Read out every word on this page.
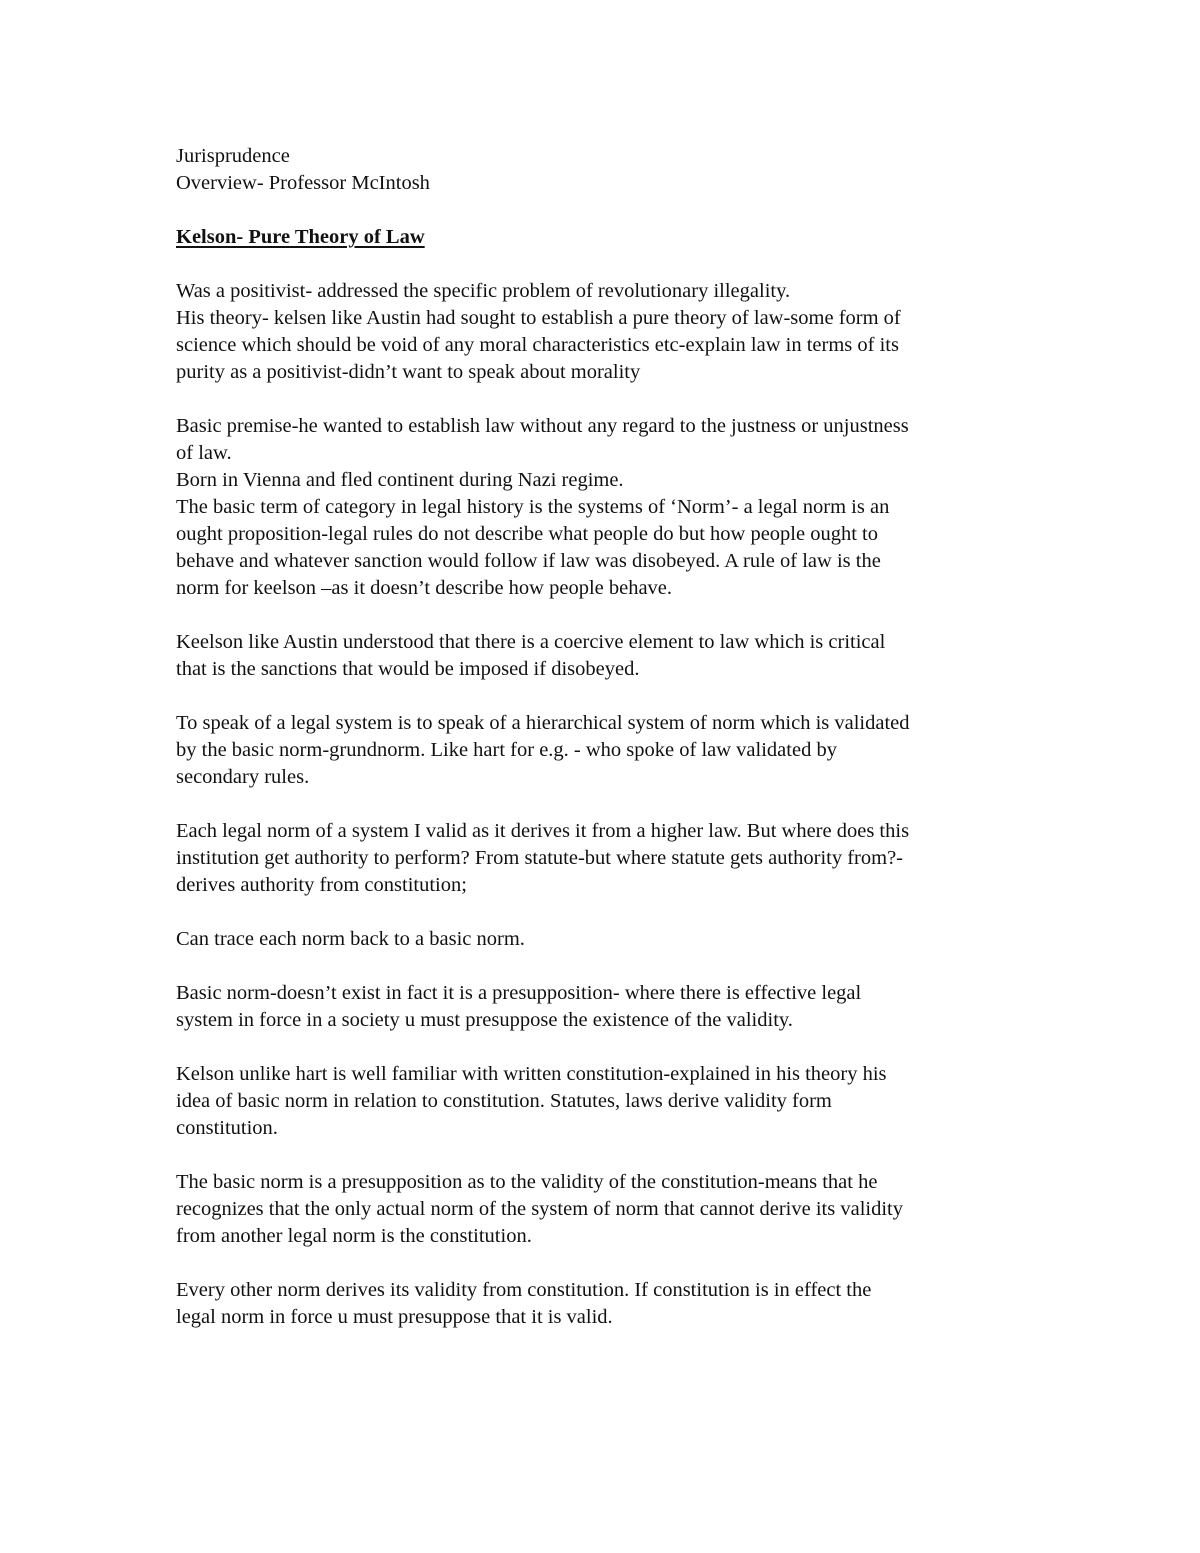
Jurisprudence
Overview- Professor McIntosh
Kelson- Pure Theory of Law
Was a positivist- addressed the specific problem of revolutionary illegality.
His theory- kelsen like Austin had sought to establish a pure theory of law-some form of
science which should be void of any moral characteristics etc-explain law in terms of its
purity as a positivist-didn’t want to speak about morality
Basic premise-he wanted to establish law without any regard to the justness or unjustness
of law.
Born in Vienna and fled continent during Nazi regime.
The basic term of category in legal history is the systems of ‘Norm’- a legal norm is an
ought proposition-legal rules do not describe what people do but how people ought to
behave and whatever sanction would follow if law was disobeyed. A rule of law is the
norm for keelson –as it doesn’t describe how people behave.
Keelson like Austin understood that there is a coercive element to law which is critical
that is the sanctions that would be imposed if disobeyed.
To speak of a legal system is to speak of a hierarchical system of norm which is validated
by the basic norm-grundnorm. Like hart for e.g. - who spoke of law validated by
secondary rules.
Each legal norm of a system I valid as it derives it from a higher law. But where does this
institution get authority to perform? From statute-but where statute gets authority from?-
derives authority from constitution;
Can trace each norm back to a basic norm.
Basic norm-doesn’t exist in fact it is a presupposition- where there is effective legal
system in force in a society u must presuppose the existence of the validity.
Kelson unlike hart is well familiar with written constitution-explained in his theory his
idea of basic norm in relation to constitution. Statutes, laws derive validity form
constitution.
The basic norm is a presupposition as to the validity of the constitution-means that he
recognizes that the only actual norm of the system of norm that cannot derive its validity
from another legal norm is the constitution.
Every other norm derives its validity from constitution. If constitution is in effect the
legal norm in force u must presuppose that it is valid.
